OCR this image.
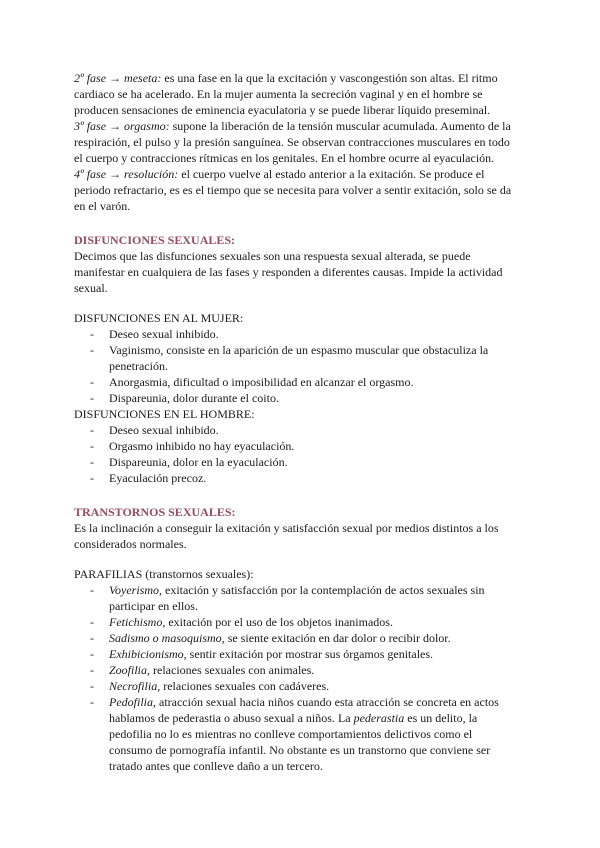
2º fase → meseta: es una fase en la que la excitación y vascongestión son altas. El ritmo cardiaco se ha acelerado. En la mujer aumenta la secreción vaginal y en el hombre se producen sensaciones de eminencia eyaculatoria y se puede liberar líquido preseminal.

3º fase → orgasmo: supone la liberación de la tensión muscular acumulada. Aumento de la respiración, el pulso y la presión sanguínea. Se observan contracciones musculares en todo el cuerpo y contracciones rítmicas en los genitales. En el hombre ocurre al eyaculación.

4º fase → resolución: el cuerpo vuelve al estado anterior a la exitación. Se produce el periodo refractario, es es el tiempo que se necesita para volver a sentir exitación, solo se da en el varón.

DISFUNCIONES SEXUALES:

Decimos que las disfunciones sexuales son una respuesta sexual alterada, se puede manifestar en cualquiera de las fases y responden a diferentes causas. Impide la actividad sexual.

DISFUNCIONES EN AL MUJER:

- Deseo sexual inhibido.
- Vaginismo, consiste en la aparición de un espasmo muscular que obstaculiza la penetración.
- Anorgasmia, dificultad o imposibilidad en alcanzar el orgasmo.
- Dispareunia, dolor durante el coito.

DISFUNCIONES EN EL HOMBRE:

- Deseo sexual inhibido.
- Orgasmo inhibido no hay eyaculación.
- Dispareunia, dolor en la eyaculación.
- Eyaculación precoz.

TRANSTORNOS SEXUALES:

Es la inclinación a conseguir la exitación y satisfacción sexual por medios distintos a los considerados normales.

PARAFILIAS (transtornos sexuales):

- Voyerismo, exitación y satisfacción por la contemplación de actos sexuales sin participar en ellos.
- Fetichismo, exitación por el uso de los objetos inanimados.
- Sadismo o masoquismo, se siente exitación en dar dolor o recibir dolor.
- Exhibicionismo, sentir exitación por mostrar sus órgamos genitales.
- Zoofilia, relaciones sexuales con animales.
- Necrofilia, relaciones sexuales con cadáveres.
- Pedofilia, atracción sexual hacia niños cuando esta atracción se concreta en actos hablamos de pederastia o abuso sexual a niños. La pederastia es un delito, la pedofilia no lo es mientras no conlleve comportamientos delictivos como el consumo de pornografía infantil. No obstante es un transtorno que conviene ser tratado antes que conlleve daño a un tercero.
